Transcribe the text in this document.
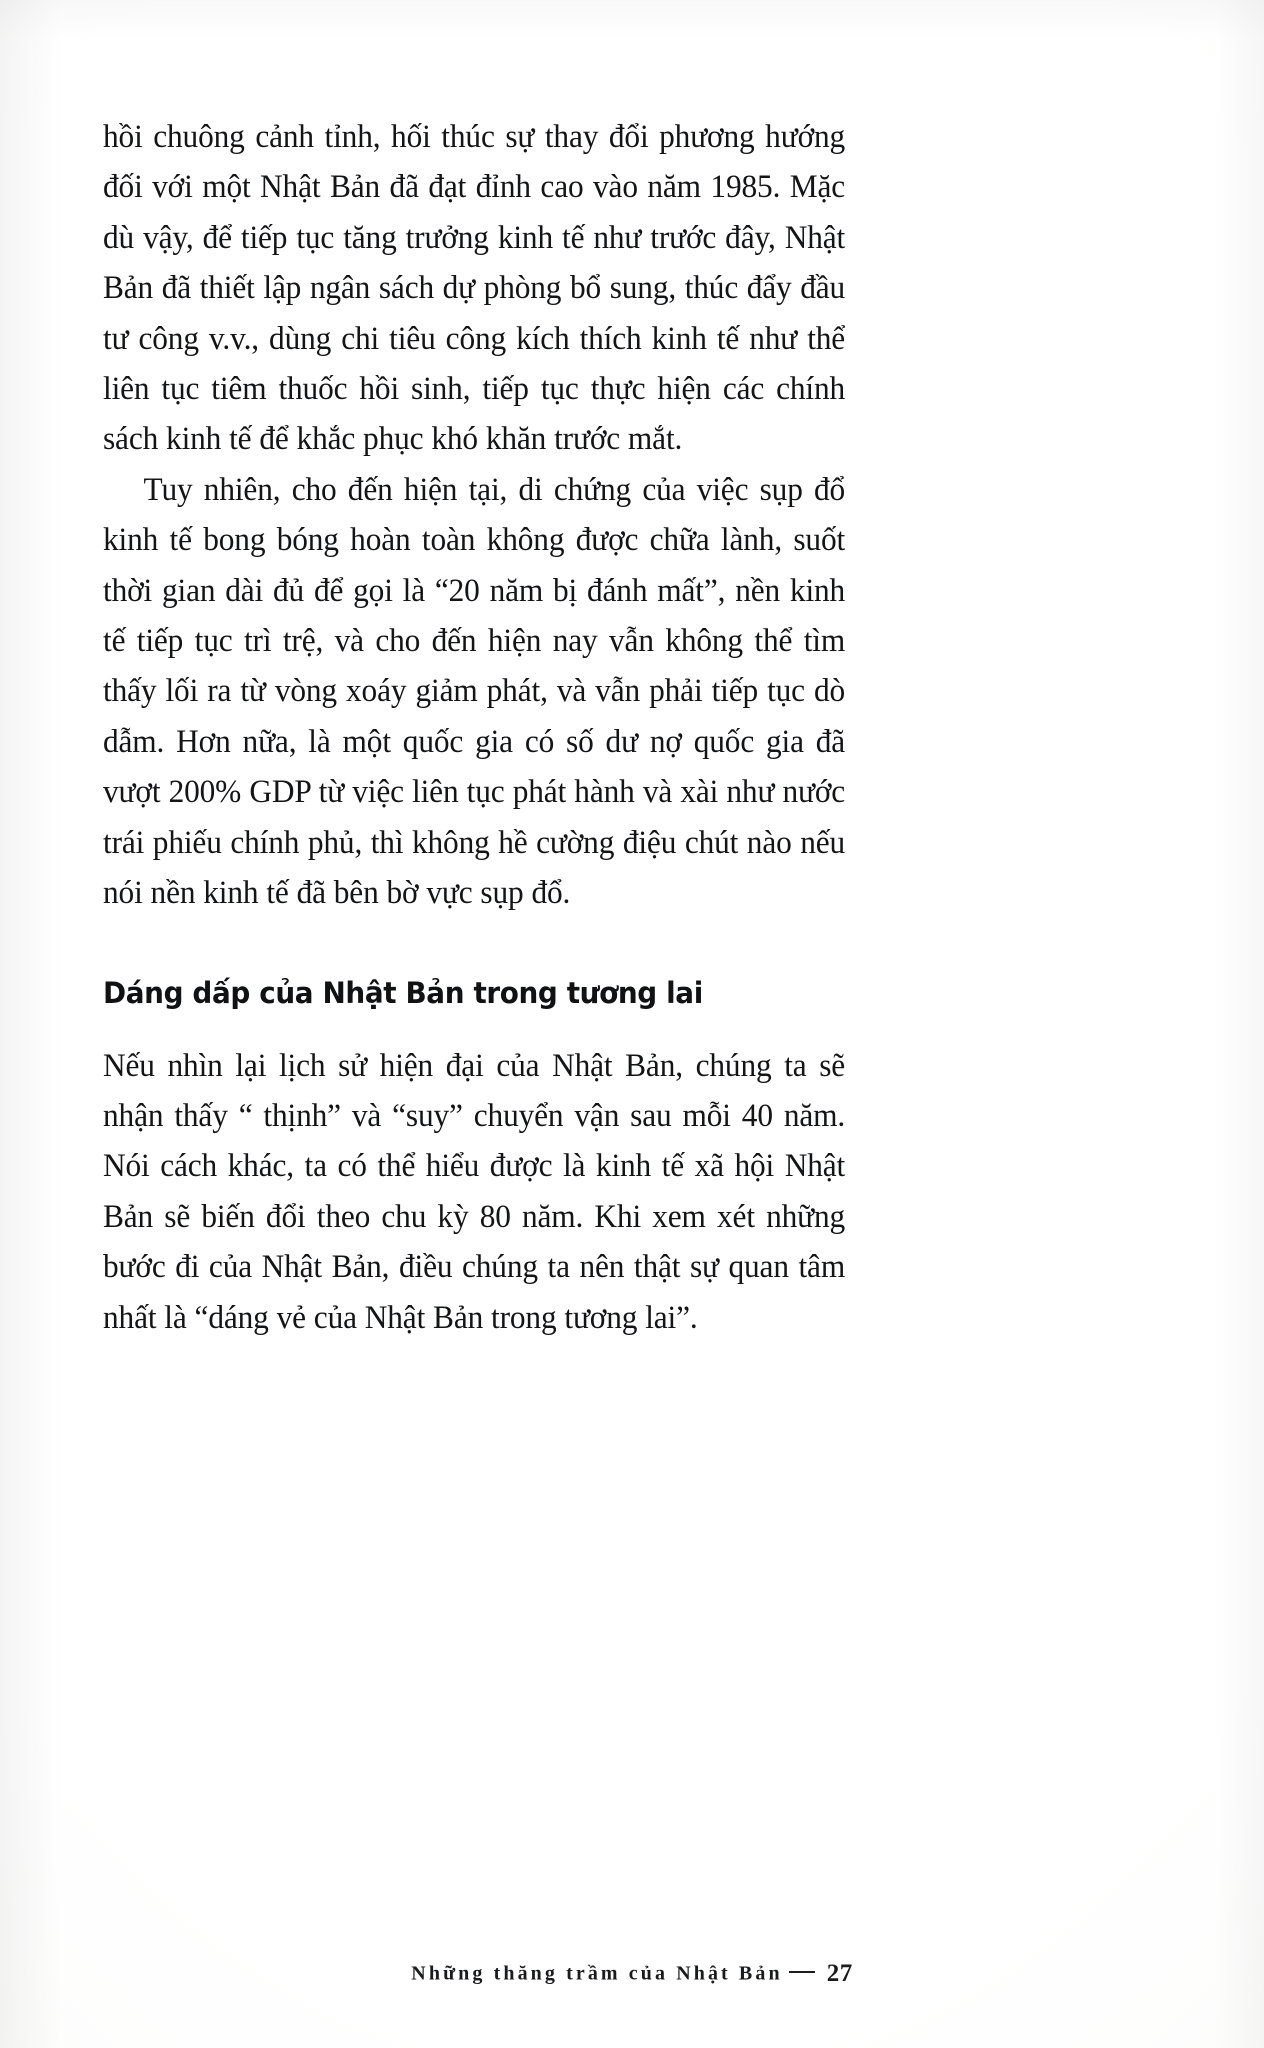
hồi chuông cảnh tỉnh, hối thúc sự thay đổi phương hướng đối với một Nhật Bản đã đạt đỉnh cao vào năm 1985. Mặc dù vậy, để tiếp tục tăng trưởng kinh tế như trước đây, Nhật Bản đã thiết lập ngân sách dự phòng bổ sung, thúc đẩy đầu tư công v.v., dùng chi tiêu công kích thích kinh tế như thể liên tục tiêm thuốc hồi sinh, tiếp tục thực hiện các chính sách kinh tế để khắc phục khó khăn trước mắt.

Tuy nhiên, cho đến hiện tại, di chứng của việc sụp đổ kinh tế bong bóng hoàn toàn không được chữa lành, suốt thời gian dài đủ để gọi là “20 năm bị đánh mất”, nền kinh tế tiếp tục trì trệ, và cho đến hiện nay vẫn không thể tìm thấy lối ra từ vòng xoáy giảm phát, và vẫn phải tiếp tục dò dẫm. Hơn nữa, là một quốc gia có số dư nợ quốc gia đã vượt 200% GDP từ việc liên tục phát hành và xài như nước trái phiếu chính phủ, thì không hề cường điệu chút nào nếu nói nền kinh tế đã bên bờ vực sụp đổ.

Dáng dấp của Nhật Bản trong tương lai

Nếu nhìn lại lịch sử hiện đại của Nhật Bản, chúng ta sẽ nhận thấy “ thịnh” và “suy” chuyển vận sau mỗi 40 năm. Nói cách khác, ta có thể hiểu được là kinh tế xã hội Nhật Bản sẽ biến đổi theo chu kỳ 80 năm. Khi xem xét những bước đi của Nhật Bản, điều chúng ta nên thật sự quan tâm nhất là “dáng vẻ của Nhật Bản trong tương lai”.

Những thăng trầm của Nhật Bản 27
